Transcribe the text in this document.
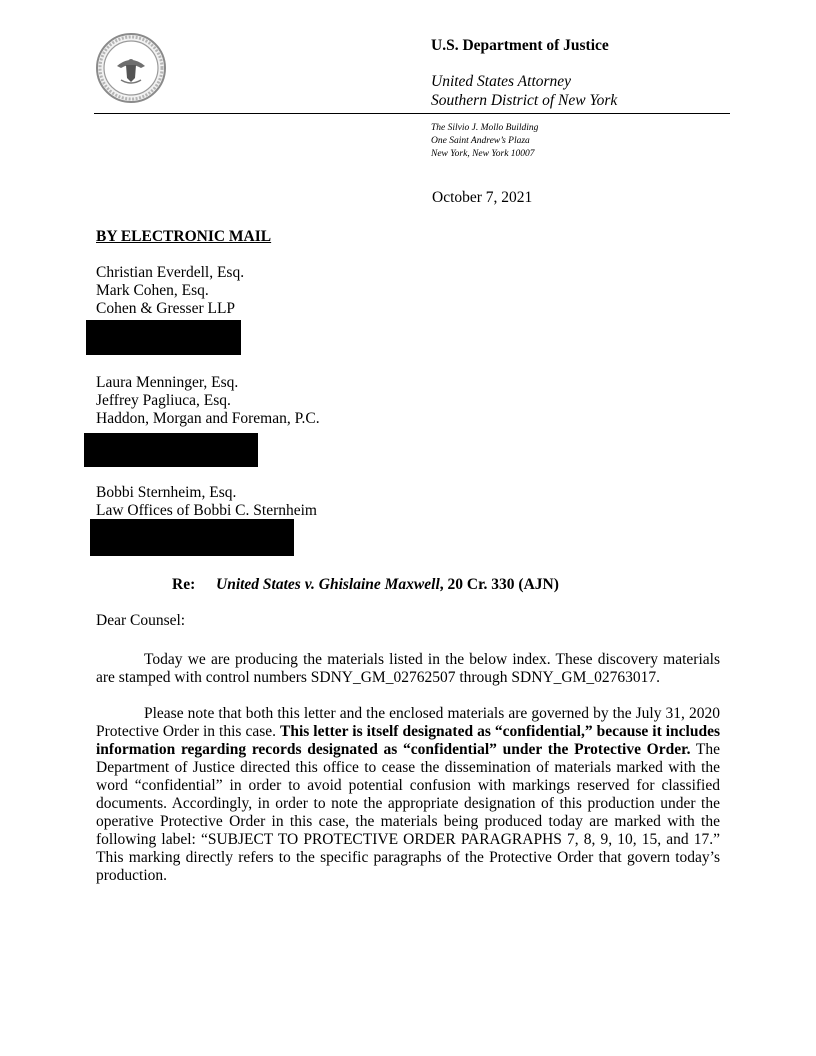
U.S. Department of Justice
United States Attorney
Southern District of New York
The Silvio J. Mollo Building
One Saint Andrew’s Plaza
New York, New York 10007
October 7, 2021
BY ELECTRONIC MAIL
Christian Everdell, Esq.
Mark Cohen, Esq.
Cohen & Gresser LLP
Laura Menninger, Esq.
Jeffrey Pagliuca, Esq.
Haddon, Morgan and Foreman, P.C.
Bobbi Sternheim, Esq.
Law Offices of Bobbi C. Sternheim
Re: United States v. Ghislaine Maxwell, 20 Cr. 330 (AJN)
Dear Counsel:

Today we are producing the materials listed in the below index. These discovery materials are stamped with control numbers SDNY_GM_02762507 through SDNY_GM_02763017.

Please note that both this letter and the enclosed materials are governed by the July 31, 2020 Protective Order in this case. This letter is itself designated as “confidential,” because it includes information regarding records designated as “confidential” under the Protective Order. The Department of Justice directed this office to cease the dissemination of materials marked with the word “confidential” in order to avoid potential confusion with markings reserved for classified documents. Accordingly, in order to note the appropriate designation of this production under the operative Protective Order in this case, the materials being produced today are marked with the following label: “SUBJECT TO PROTECTIVE ORDER PARAGRAPHS 7, 8, 9, 10, 15, and 17.” This marking directly refers to the specific paragraphs of the Protective Order that govern today’s production.
